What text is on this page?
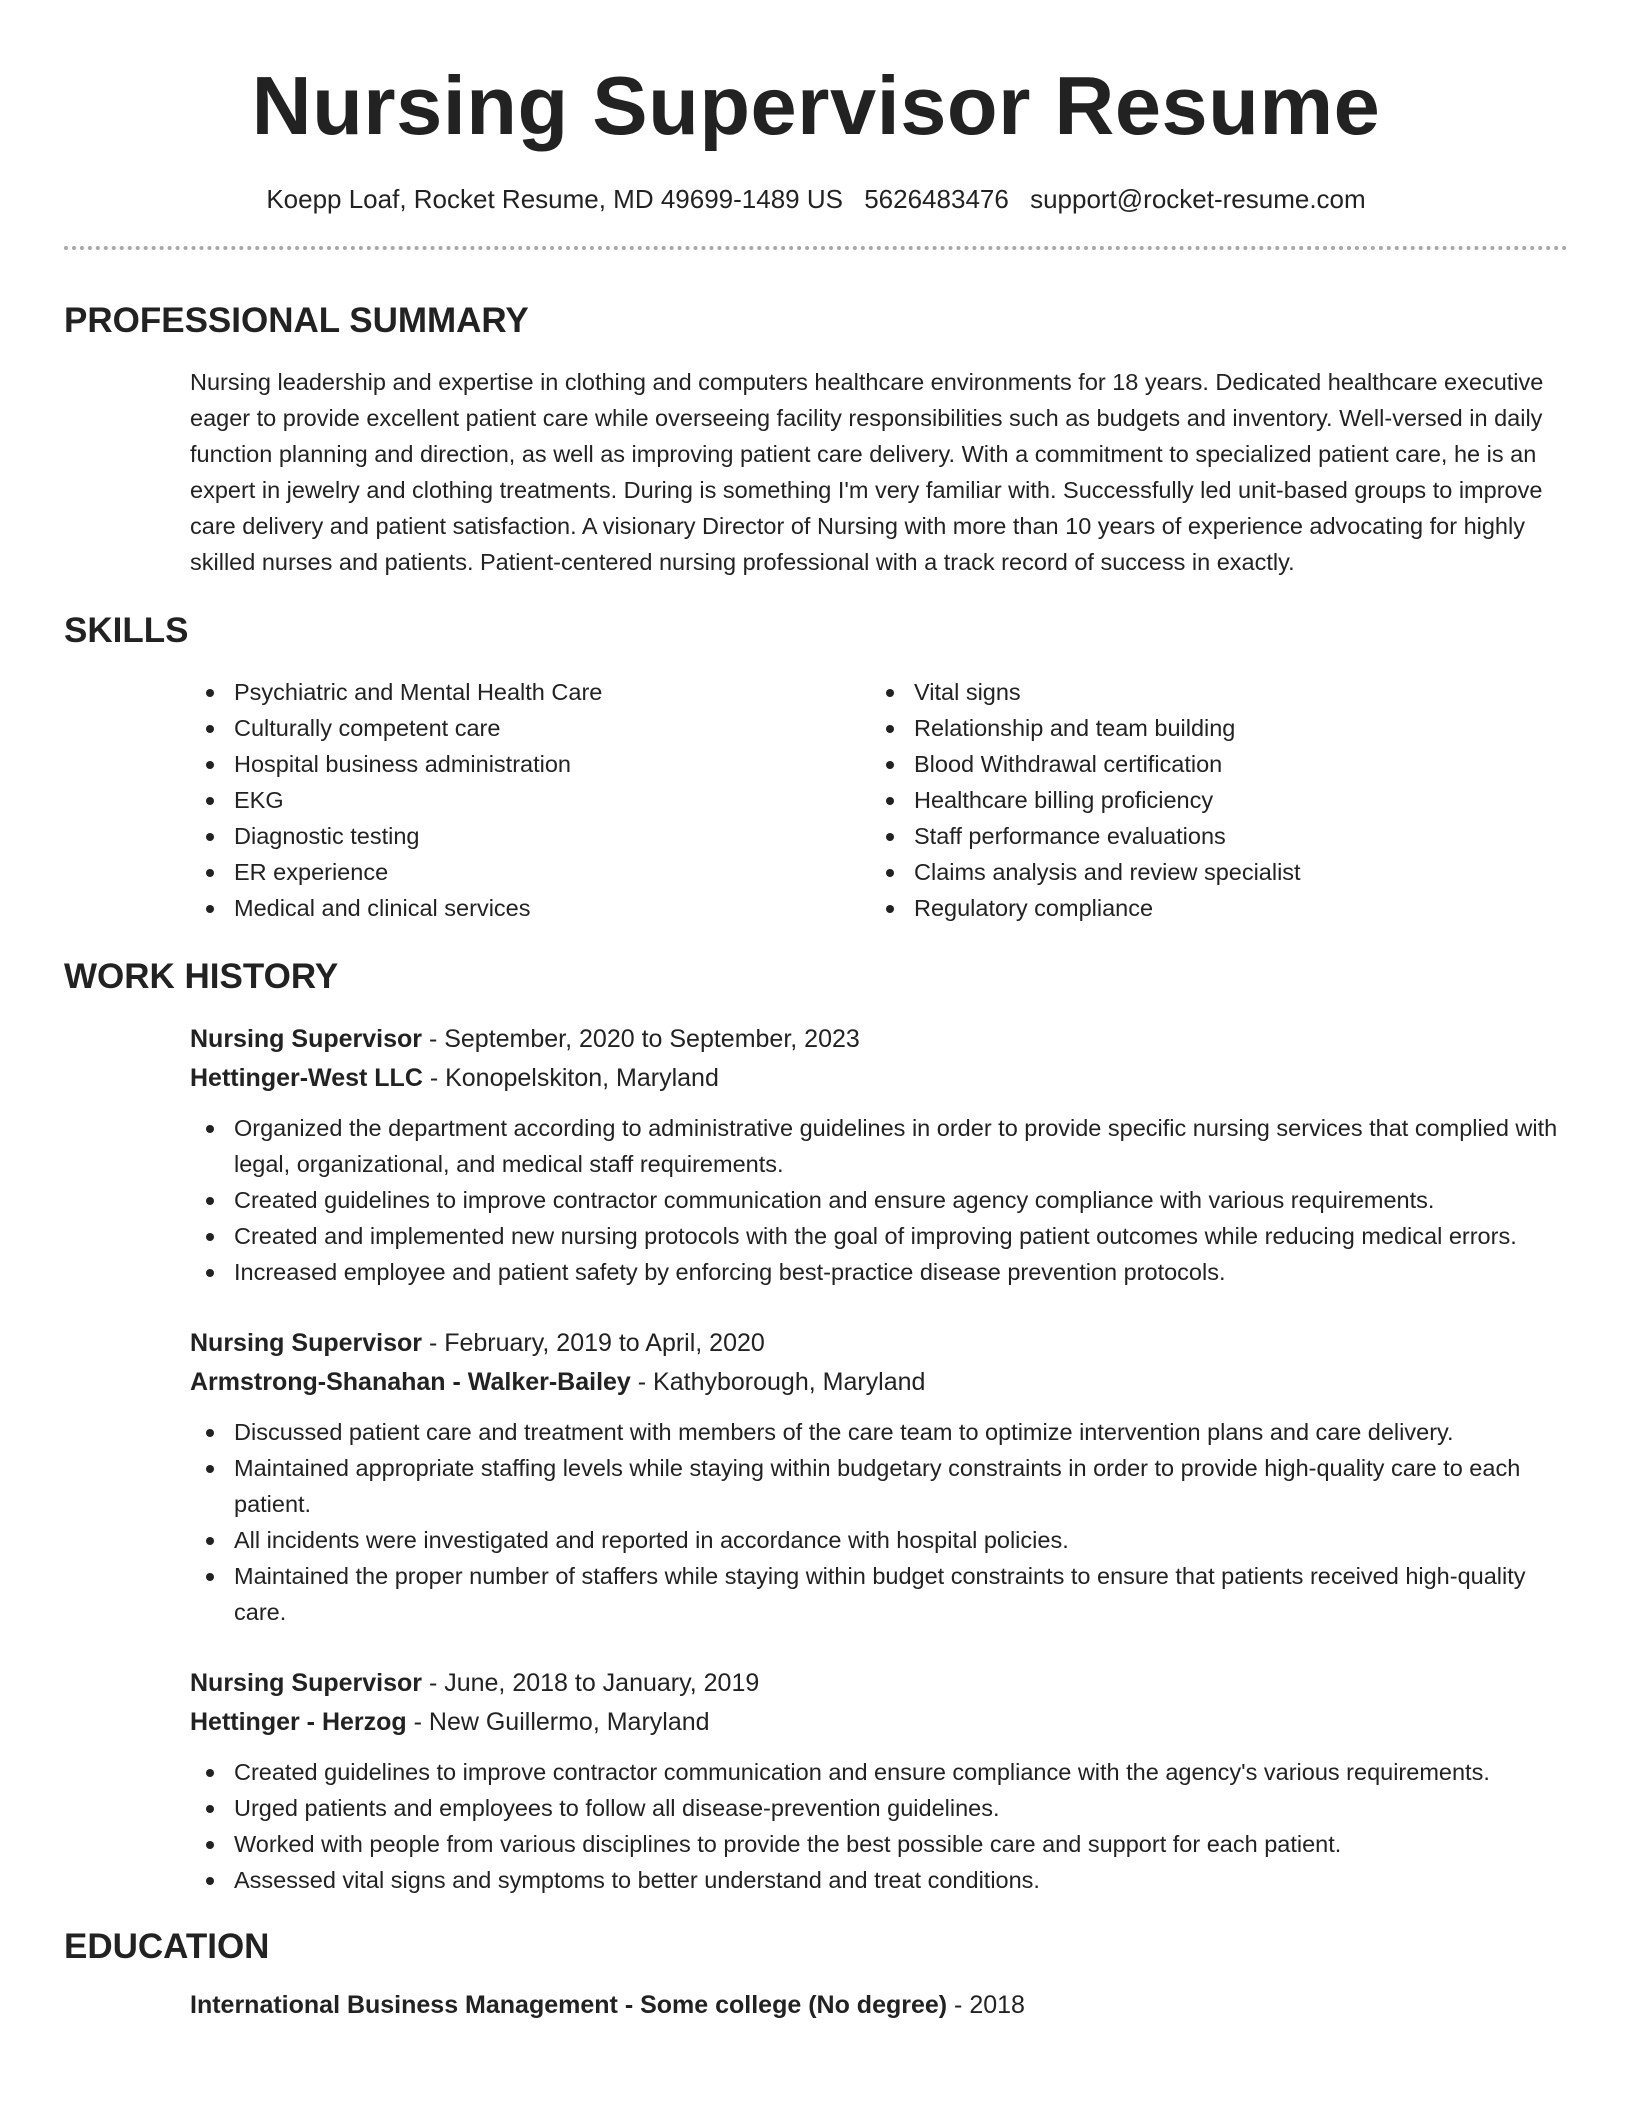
Nursing Supervisor Resume
Koepp Loaf, Rocket Resume, MD 49699-1489 US 5626483476 support@rocket-resume.com
PROFESSIONAL SUMMARY

Nursing leadership and expertise in clothing and computers healthcare environments for 18 years. Dedicated healthcare executive eager to provide excellent patient care while overseeing facility responsibilities such as budgets and inventory. Well-versed in daily function planning and direction, as well as improving patient care delivery. With a commitment to specialized patient care, he is an expert in jewelry and clothing treatments. During is something I'm very familiar with. Successfully led unit-based groups to improve care delivery and patient satisfaction. A visionary Director of Nursing with more than 10 years of experience advocating for highly skilled nurses and patients. Patient-centered nursing professional with a track record of success in exactly.

SKILLS
Psychiatric and Mental Health Care
Culturally competent care
Hospital business administration
EKG
Diagnostic testing
ER experience
Medical and clinical services
Vital signs
Relationship and team building
Blood Withdrawal certification
Healthcare billing proficiency
Staff performance evaluations
Claims analysis and review specialist
Regulatory compliance
WORK HISTORY
Nursing Supervisor - September, 2020 to September, 2023
Hettinger-West LLC - Konopelskiton, Maryland
Organized the department according to administrative guidelines in order to provide specific nursing services that complied with legal, organizational, and medical staff requirements.
Created guidelines to improve contractor communication and ensure agency compliance with various requirements.
Created and implemented new nursing protocols with the goal of improving patient outcomes while reducing medical errors.
Increased employee and patient safety by enforcing best-practice disease prevention protocols.
Nursing Supervisor - February, 2019 to April, 2020
Armstrong-Shanahan - Walker-Bailey - Kathyborough, Maryland
Discussed patient care and treatment with members of the care team to optimize intervention plans and care delivery.
Maintained appropriate staffing levels while staying within budgetary constraints in order to provide high-quality care to each patient.
All incidents were investigated and reported in accordance with hospital policies.
Maintained the proper number of staffers while staying within budget constraints to ensure that patients received high-quality care.
Nursing Supervisor - June, 2018 to January, 2019
Hettinger - Herzog - New Guillermo, Maryland
Created guidelines to improve contractor communication and ensure compliance with the agency's various requirements.
Urged patients and employees to follow all disease-prevention guidelines.
Worked with people from various disciplines to provide the best possible care and support for each patient.
Assessed vital signs and symptoms to better understand and treat conditions.
EDUCATION
International Business Management - Some college (No degree) - 2018
